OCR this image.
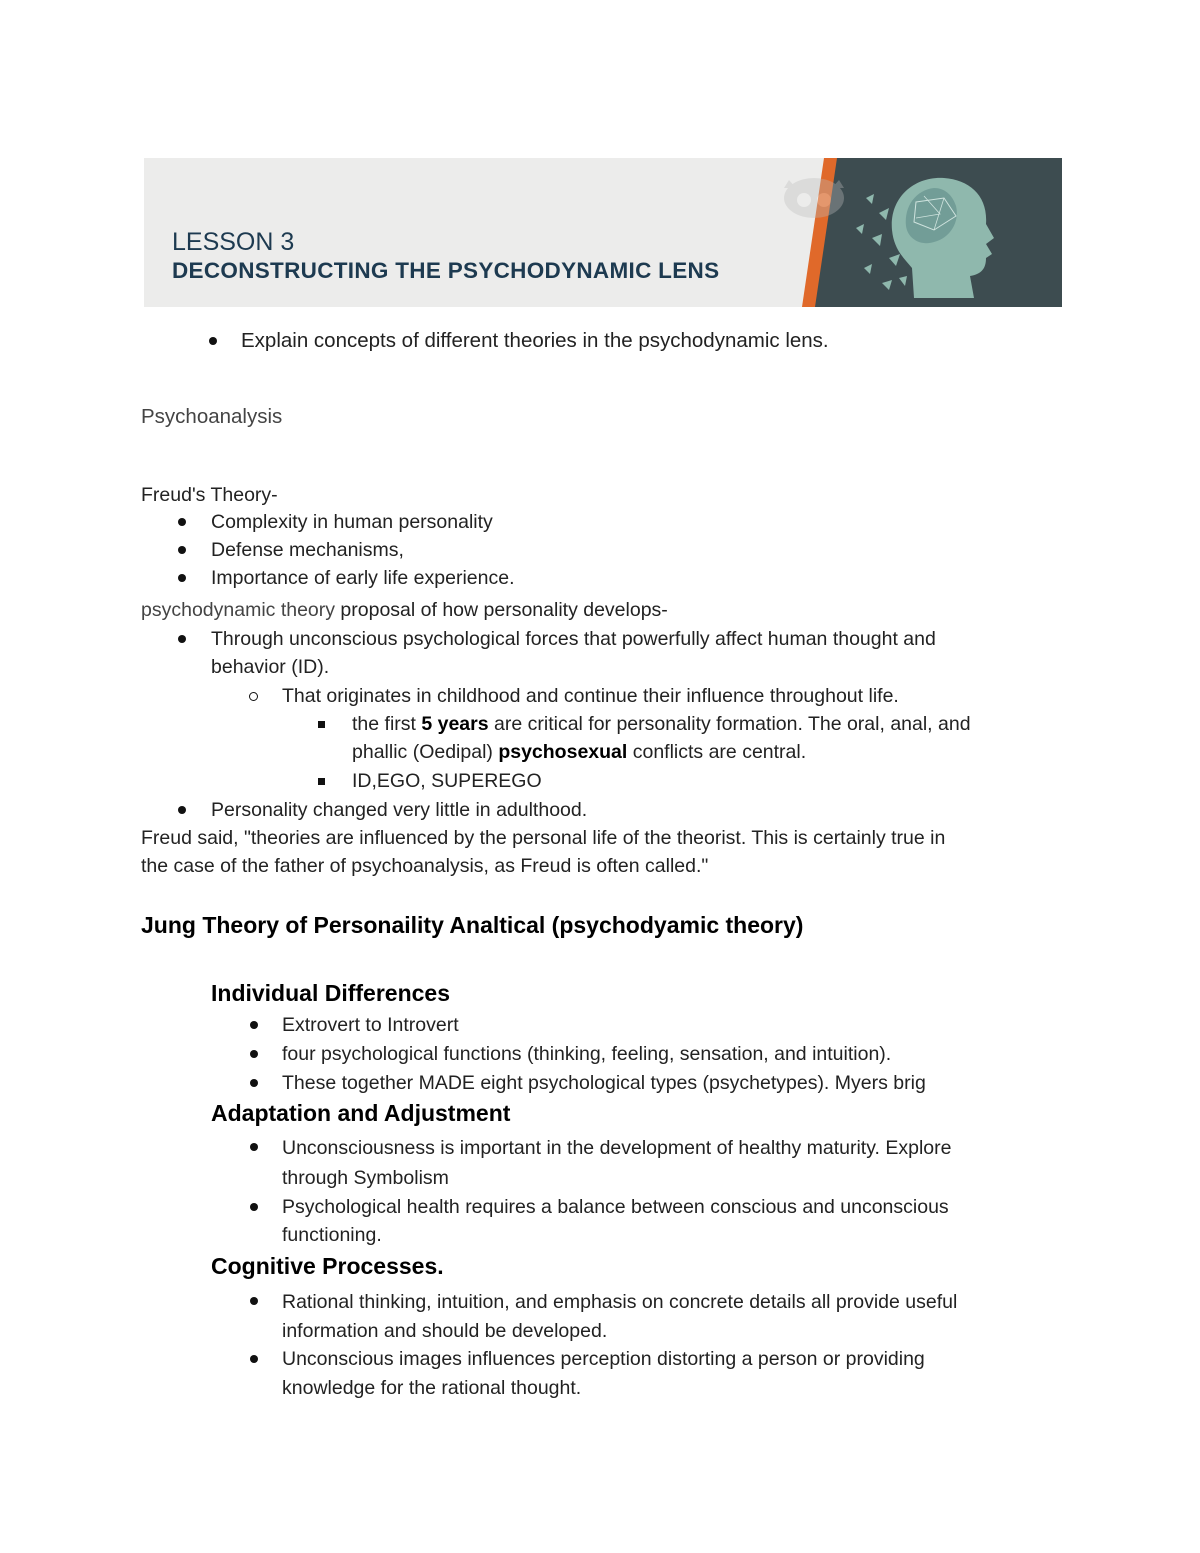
LESSON 3
DECONSTRUCTING THE PSYCHODYNAMIC LENS
Explain concepts of different theories in the psychodynamic lens.
Psychoanalysis
Freud's Theory-
Complexity in human personality
Defense mechanisms,
Importance of early life experience.
psychodynamic theory proposal of how personality develops-
Through unconscious psychological forces that powerfully affect human thought and
behavior (ID).
That originates in childhood and continue their influence throughout life.
the first 5 years are critical for personality formation. The oral, anal, and
phallic (Oedipal) psychosexual conflicts are central.
ID,EGO, SUPEREGO
Personality changed very little in adulthood.
Freud said, "theories are influenced by the personal life of the theorist. This is certainly true in
the case of the father of psychoanalysis, as Freud is often called."
Jung Theory of Personaility Analtical (psychodyamic theory)
Individual Differences
Extrovert to Introvert
four psychological functions (thinking, feeling, sensation, and intuition).
These together MADE eight psychological types (psychetypes). Myers brig
Adaptation and Adjustment
Unconsciousness is important in the development of healthy maturity. Explore
through Symbolism
Psychological health requires a balance between conscious and unconscious
functioning.
Cognitive Processes.
Rational thinking, intuition, and emphasis on concrete details all provide useful
information and should be developed.
Unconscious images influences perception distorting a person or providing
knowledge for the rational thought.
